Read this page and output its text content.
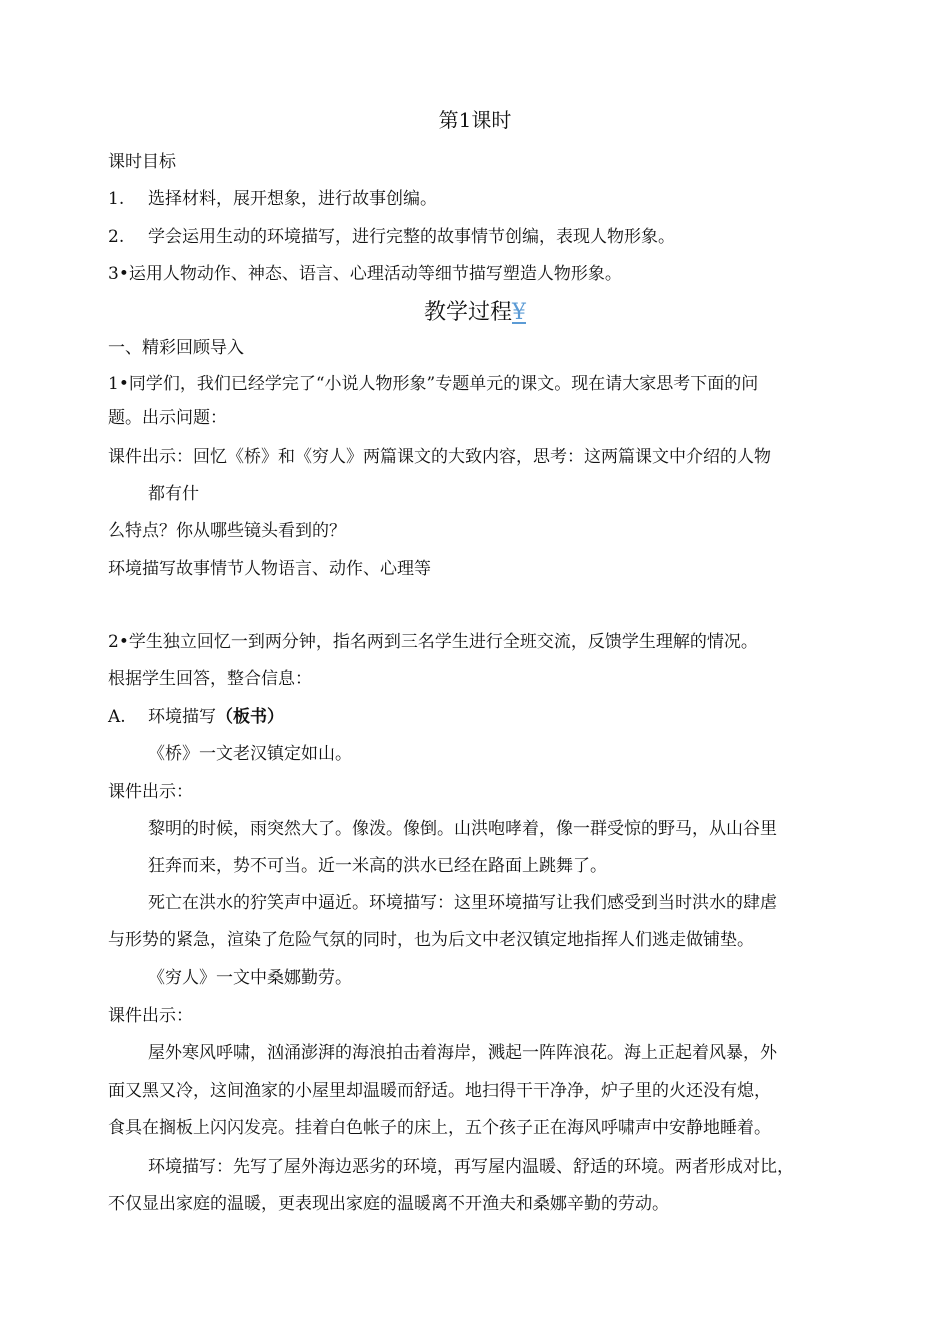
第1课时
课时目标
1. 选择材料，展开想象，进行故事创编。
2. 学会运用生动的环境描写，进行完整的故事情节创编，表现人物形象。
3•运用人物动作、神态、语言、心理活动等细节描写塑造人物形象。
教学过程¥
一、精彩回顾导入
1•同学们，我们已经学完了“小说人物形象”专题单元的课文。现在请大家思考下面的问
题。出示问题：
课件出示：回忆《桥》和《穷人》两篇课文的大致内容，思考：这两篇课文中介绍的人物
都有什
么特点？你从哪些镜头看到的？
环境描写故事情节人物语言、动作、心理等
2•学生独立回忆一到两分钟，指名两到三名学生进行全班交流，反馈学生理解的情况。
根据学生回答，整合信息：
A. 环境描写（板书）
《桥》一文老汉镇定如山。
课件出示：
黎明的时候，雨突然大了。像泼。像倒。山洪咆哮着，像一群受惊的野马，从山谷里
狂奔而来，势不可当。近一米高的洪水已经在路面上跳舞了。
死亡在洪水的狞笑声中逼近。环境描写：这里环境描写让我们感受到当时洪水的肆虐
与形势的紧急，渲染了危险气氛的同时，也为后文中老汉镇定地指挥人们逃走做铺垫。
《穷人》一文中桑娜勤劳。
课件出示：
屋外寒风呼啸，汹涌澎湃的海浪拍击着海岸，溅起一阵阵浪花。海上正起着风暴，外
面又黑又冷，这间渔家的小屋里却温暖而舒适。地扫得干干净净，炉子里的火还没有熄，
食具在搁板上闪闪发亮。挂着白色帐子的床上，五个孩子正在海风呼啸声中安静地睡着。
环境描写：先写了屋外海边恶劣的环境，再写屋内温暖、舒适的环境。两者形成对比，
不仅显出家庭的温暖，更表现出家庭的温暖离不开渔夫和桑娜辛勤的劳动。
